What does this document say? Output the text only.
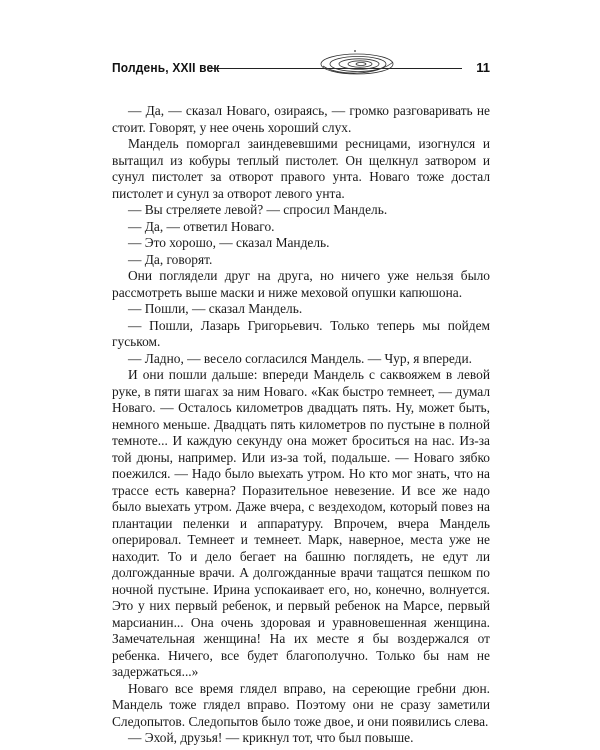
Полдень, XXII век	11

— Да, — сказал Новаго, озираясь, — громко разговаривать не стоит. Говорят, у нее очень хороший слух.

Мандель поморгал заиндевевшими ресницами, изогнулся и вытащил из кобуры теплый пистолет. Он щелкнул затвором и сунул пистолет за отворот правого унта. Новаго тоже достал пистолет и сунул за отворот левого унта.

— Вы стреляете левой? — спросил Мандель.

— Да, — ответил Новаго.

— Это хорошо, — сказал Мандель.

— Да, говорят.

Они поглядели друг на друга, но ничего уже нельзя было рассмотреть выше маски и ниже меховой опушки капюшона.

— Пошли, — сказал Мандель.

— Пошли, Лазарь Григорьевич. Только теперь мы пойдем гуськом.

— Ладно, — весело согласился Мандель. — Чур, я впереди.

И они пошли дальше: впереди Мандель с саквояжем в левой руке, в пяти шагах за ним Новаго. «Как быстро темнеет, — думал Новаго. — Осталось километров двадцать пять. Ну, может быть, немного меньше. Двадцать пять километров по пустыне в полной темноте... И каждую секунду она может броситься на нас. Из-за той дюны, например. Или из-за той, подальше. — Новаго зябко поежился. — Надо было выехать утром. Но кто мог знать, что на трассе есть каверна? Поразительное невезение. И все же надо было выехать утром. Даже вчера, с вездеходом, который повез на плантации пеленки и аппаратуру. Впрочем, вчера Мандель оперировал. Темнеет и темнеет. Марк, наверное, места уже не находит. То и дело бегает на башню поглядеть, не едут ли долгожданные врачи. А долгожданные врачи тащатся пешком по ночной пустыне. Ирина успокаивает его, но, конечно, волнуется. Это у них первый ребенок, и первый ребенок на Марсе, первый марсианин... Она очень здоровая и уравновешенная женщина. Замечательная женщина! На их месте я бы воздержался от ребенка. Ничего, все будет благополучно. Только бы нам не задержаться...»

Новаго все время глядел вправо, на сереющие гребни дюн. Мандель тоже глядел вправо. Поэтому они не сразу заметили Следопытов. Следопытов было тоже двое, и они появились слева.

— Эхой, друзья! — крикнул тот, что был повыше.
